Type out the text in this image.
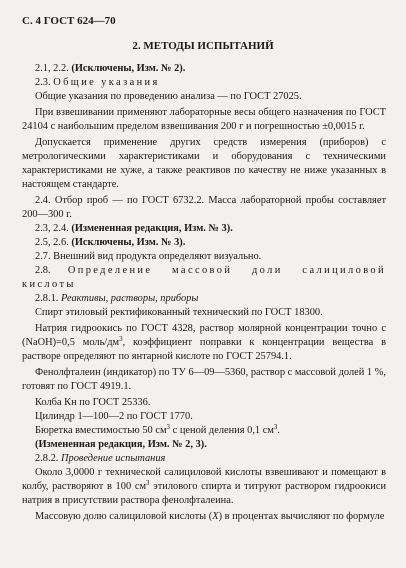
С. 4 ГОСТ 624—70
2. МЕТОДЫ ИСПЫТАНИЙ

2.1, 2.2. (Исключены, Изм. № 2).

2.3. Общие указания

Общие указания по проведению анализа — по ГОСТ 27025.

При взвешивании применяют лабораторные весы общего назначения по ГОСТ 24104 с наибольшим пределом взвешивания 200 г и погрешностью ±0,0015 г.

Допускается применение других средств измерения (приборов) с метрологическими характеристиками и оборудования с техническими характеристиками не хуже, а также реактивов по качеству не ниже указанных в настоящем стандарте.

2.4. Отбор проб — по ГОСТ 6732.2. Масса лабораторной пробы составляет 200—300 г.

2.3, 2.4. (Измененная редакция, Изм. № 3).

2.5, 2.6. (Исключены, Изм. № 3).

2.7. Внешний вид продукта определяют визуально.

2.8. Определение массовой доли салициловой кислоты

2.8.1. Реактивы, растворы, приборы

Спирт этиловый ректификованный технический по ГОСТ 18300.

Натрия гидроокись по ГОСТ 4328, раствор молярной концентрации точно с (NaOH)=0,5 моль/$дм^3$, коэффициент поправки к концентрации вещества в растворе определяют по янтарной кислоте по ГОСТ 25794.1.

Фенолфталеин (индикатор) по ТУ 6—09—5360, раствор с массовой долей 1 %, готовят по ГОСТ 4919.1.

Колба Кн по ГОСТ 25336.

Цилиндр 1—100—2 по ГОСТ 1770.

Бюретка вместимостью 50 $см^3$ с ценой деления 0,1 $см^3$.

(Измененная редакция, Изм. № 2, 3).

2.8.2. Проведение испытания

Около 3,0000 г технической салициловой кислоты взвешивают и помещают в колбу, растворяют в 100 $см^3$ этилового спирта и титруют раствором гидроокиси натрия в присутствии раствора фенолфталеина.

Массовую долю салициловой кислоты (X) в процентах вычисляют по формуле
